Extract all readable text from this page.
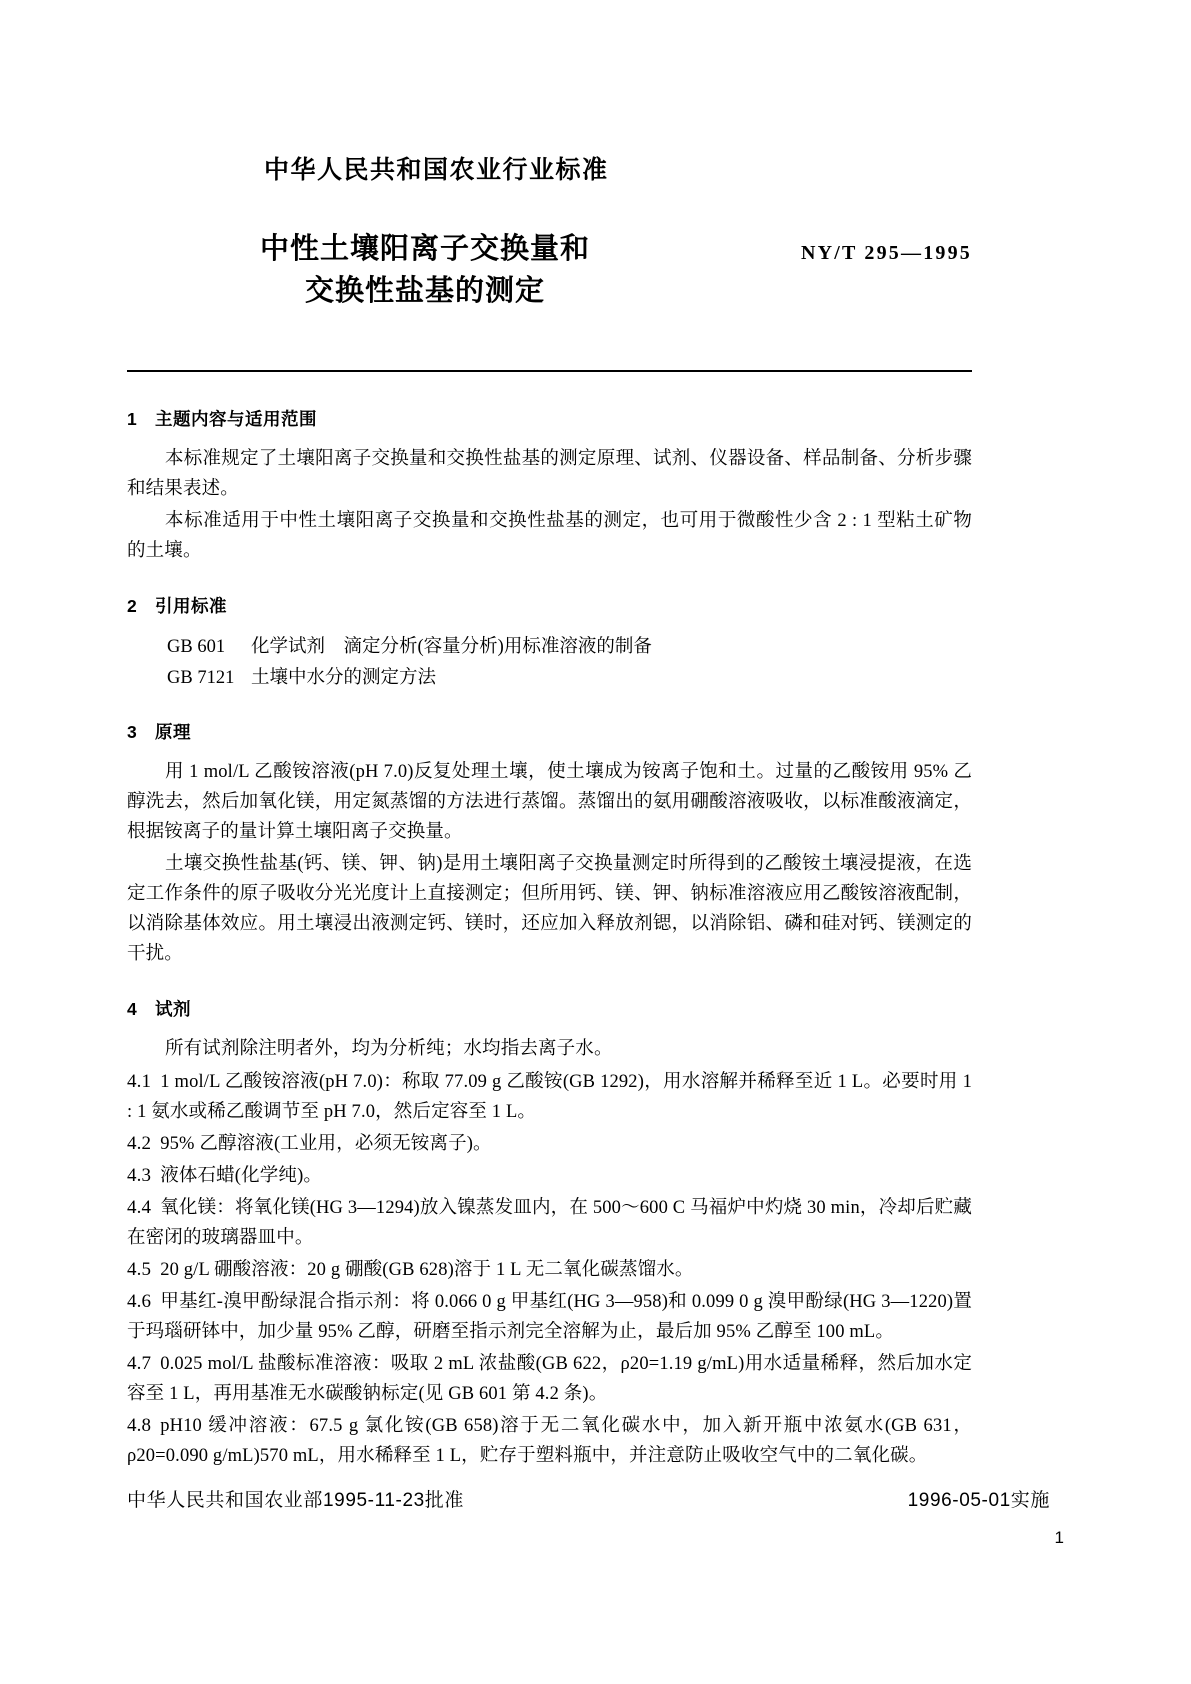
中华人民共和国农业行业标准
中性土壤阳离子交换量和
交换性盐基的测定
NY/T 295—1995
1 主题内容与适用范围

本标准规定了土壤阳离子交换量和交换性盐基的测定原理、试剂、仪器设备、样品制备、分析步骤和结果表述。

本标准适用于中性土壤阳离子交换量和交换性盐基的测定，也可用于微酸性少含 2 : 1 型粘土矿物的土壤。

2 引用标准

GB 601 化学试剂　滴定分析(容量分析)用标准溶液的制备

GB 7121 土壤中水分的测定方法

3 原理

用 1 mol/L 乙酸铵溶液(pH 7.0)反复处理土壤，使土壤成为铵离子饱和土。过量的乙酸铵用 95% 乙醇洗去，然后加氧化镁，用定氮蒸馏的方法进行蒸馏。蒸馏出的氨用硼酸溶液吸收，以标准酸液滴定，根据铵离子的量计算土壤阳离子交换量。

土壤交换性盐基(钙、镁、钾、钠)是用土壤阳离子交换量测定时所得到的乙酸铵土壤浸提液，在选定工作条件的原子吸收分光光度计上直接测定；但所用钙、镁、钾、钠标准溶液应用乙酸铵溶液配制，以消除基体效应。用土壤浸出液测定钙、镁时，还应加入释放剂锶，以消除铝、磷和硅对钙、镁测定的干扰。

4 试剂

所有试剂除注明者外，均为分析纯；水均指去离子水。

4.1 1 mol/L 乙酸铵溶液(pH 7.0)：称取 77.09 g 乙酸铵(GB 1292)，用水溶解并稀释至近 1 L。必要时用 1 : 1 氨水或稀乙酸调节至 pH 7.0，然后定容至 1 L。

4.2 95% 乙醇溶液(工业用，必须无铵离子)。

4.3 液体石蜡(化学纯)。

4.4 氧化镁：将氧化镁(HG 3—1294)放入镍蒸发皿内，在 500～600 C 马福炉中灼烧 30 min，冷却后贮藏在密闭的玻璃器皿中。

4.5 20 g/L 硼酸溶液：20 g 硼酸(GB 628)溶于 1 L 无二氧化碳蒸馏水。

4.6 甲基红-溴甲酚绿混合指示剂：将 0.066 0 g 甲基红(HG 3—958)和 0.099 0 g 溴甲酚绿(HG 3—1220)置于玛瑙研钵中，加少量 95% 乙醇，研磨至指示剂完全溶解为止，最后加 95% 乙醇至 100 mL。

4.7 0.025 mol/L 盐酸标准溶液：吸取 2 mL 浓盐酸(GB 622，ρ20=1.19 g/mL)用水适量稀释，然后加水定容至 1 L，再用基准无水碳酸钠标定(见 GB 601 第 4.2 条)。

4.8 pH10 缓冲溶液：67.5 g 氯化铵(GB 658)溶于无二氧化碳水中，加入新开瓶中浓氨水(GB 631，ρ20=0.090 g/mL)570 mL，用水稀释至 1 L，贮存于塑料瓶中，并注意防止吸收空气中的二氧化碳。

中华人民共和国农业部1995-11-23批准	1996-05-01实施
1
